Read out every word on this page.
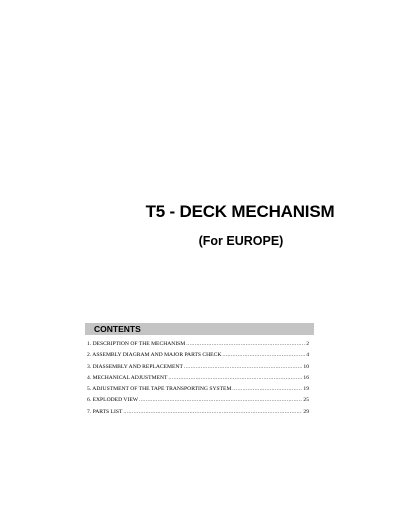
T5 - DECK MECHANISM
(For EUROPE)
CONTENTS
1. DESCRIPTION OF THE MECHANISM .....	2
2. ASSEMBLY DIAGRAM AND MAJOR PARTS CHECK .....	4
3. DIASSEMBLY AND REPLACEMENT .....	10
4. MECHANICAL ADJUSTMENT .....	16
5. ADJUSTMENT OF THE TAPE TRANSPORTING SYSTEM .....	19
6. EXPLODED VIEW .....	25
7. PARTS LIST .....	29
